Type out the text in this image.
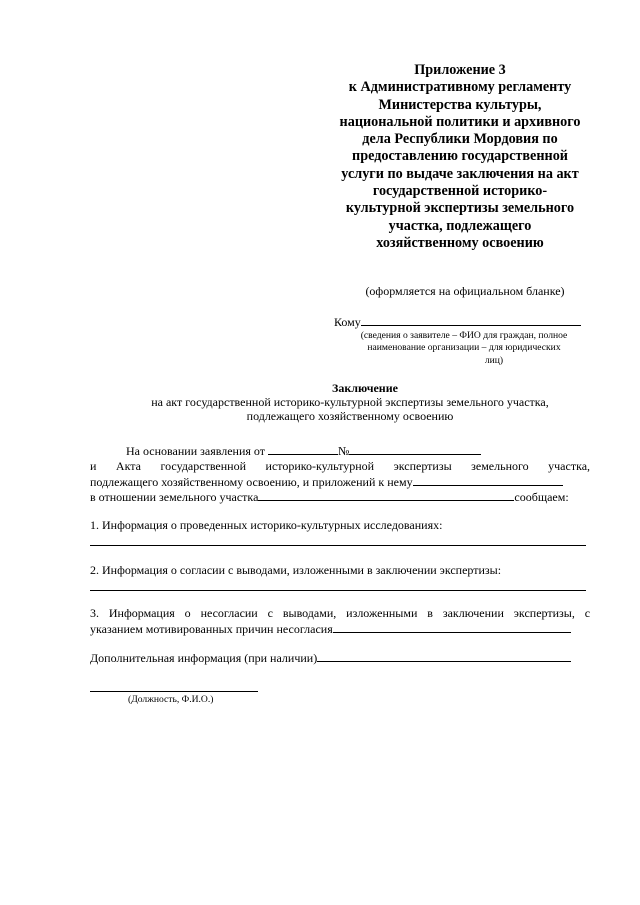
Приложение 3
к Административному регламенту
Министерства культуры,
национальной политики и архивного
дела Республики Мордовия по
предоставлению государственной
услуги по выдаче заключения на акт
государственной историко-
культурной экспертизы земельного
участка, подлежащего
хозяйственному освоению
(оформляется на официальном бланке)
Кому
(сведения о заявителе – ФИО для граждан, полное
наименование организации – для юридических
лиц)
Заключение
на акт государственной историко-культурной экспертизы земельного участка,
подлежащего хозяйственному освоению
На основании заявления от	№
и Акта государственной историко-культурной экспертизы земельного участка,
подлежащего хозяйственному освоению, и приложений к нему
в отношении земельного участка	сообщаем:
1. Информация о проведенных историко-культурных исследованиях:
2. Информация о согласии с выводами, изложенными в заключении экспертизы:
3. Информация о несогласии с выводами, изложенными в заключении экспертизы, с
указанием мотивированных причин несогласия
Дополнительная информация (при наличии)
(Должность, Ф.И.О.)
